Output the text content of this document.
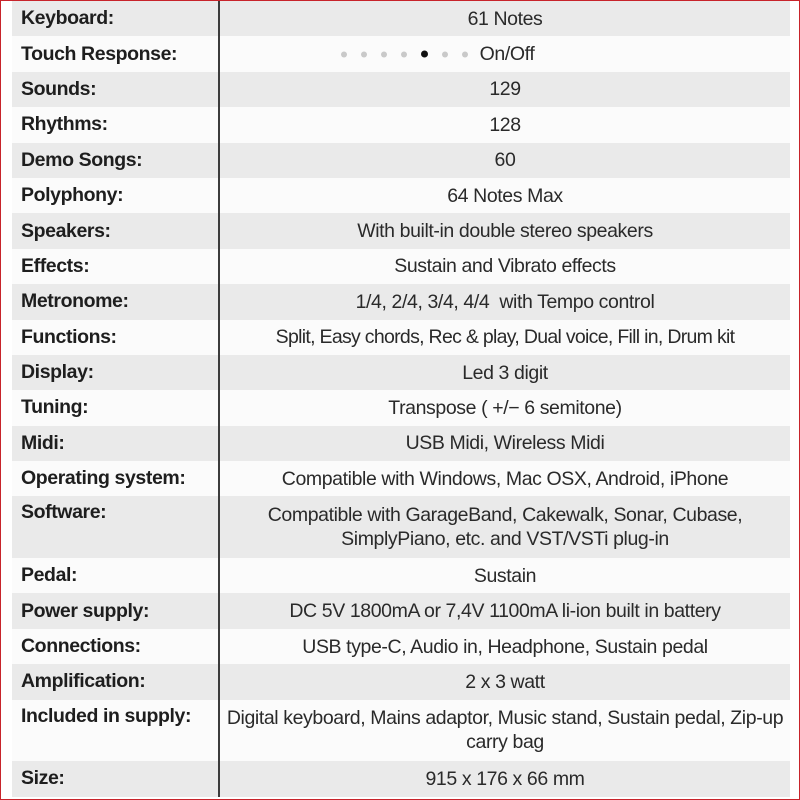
Keyboard:	61 Notes
Touch Response:	On/Off
Sounds:	129
Rhythms:	128
Demo Songs:	60
Polyphony:	64 Notes Max
Speakers:	With built-in double stereo speakers
Effects:	Sustain and Vibrato effects
Metronome:	1/4, 2/4, 3/4, 4/4  with Tempo control
Functions:	Split, Easy chords, Rec & play, Dual voice, Fill in, Drum kit
Display:	Led 3 digit
Tuning:	Transpose ( +/− 6 semitone)
Midi:	USB Midi, Wireless Midi
Operating system:	Compatible with Windows, Mac OSX, Android, iPhone
Software:	Compatible with GarageBand, Cakewalk, Sonar, Cubase, SimplyPiano, etc. and VST/VSTi plug-in
Pedal:	Sustain
Power supply:	DC 5V 1800mA or 7,4V 1100mA li-ion built in battery
Connections:	USB type-C, Audio in, Headphone, Sustain pedal
Amplification:	2 x 3 watt
Included in supply:	Digital keyboard, Mains adaptor, Music stand, Sustain pedal, Zip-up carry bag
Size:	915 x 176 x 66 mm
